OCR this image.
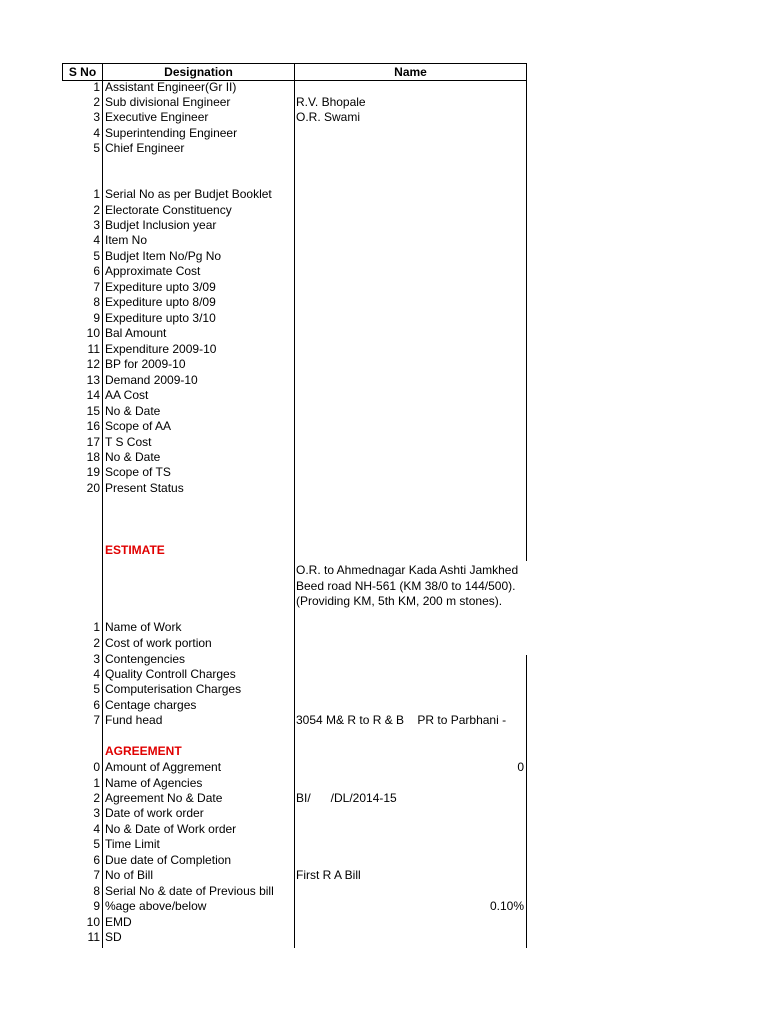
S No	Designation	Name
1 Assistant Engineer(Gr II)
2 Sub divisional Engineer	R.V. Bhopale
3 Executive Engineer	O.R. Swami
4 Superintending Engineer
5 Chief Engineer
1 Serial No as per Budjet Booklet
2 Electorate Constituency
3 Budjet Inclusion year
4 Item No
5 Budjet Item No/Pg No
6 Approximate Cost
7 Expediture upto 3/09
8 Expediture upto 8/09
9 Expediture upto 3/10
10 Bal Amount
11 Expenditure 2009-10
12 BP for 2009-10
13 Demand 2009-10
14 AA Cost
15 No & Date
16 Scope of AA
17 T S Cost
18 No & Date
19 Scope of TS
20 Present Status
ESTIMATE
O.R. to Ahmednagar Kada Ashti Jamkhed Beed road NH-561 (KM 38/0 to 144/500). (Providing KM, 5th KM, 200 m stones).
1 Name of Work
2 Cost of work portion
3 Contengencies
4 Quality Controll Charges
5 Computerisation Charges
6 Centage charges
7 Fund head	3054 M& R to R & B    PR to Parbhani -
AGREEMENT
0 Amount of Aggrement	0
1 Name of Agencies
2 Agreement No & Date	BI/      /DL/2014-15
3 Date of work order
4 No & Date of Work order
5 Time Limit
6 Due date of Completion
7 No of Bill	First R A Bill
8 Serial No & date of Previous bill
9 %age above/below	0.10%
10 EMD
11 SD
